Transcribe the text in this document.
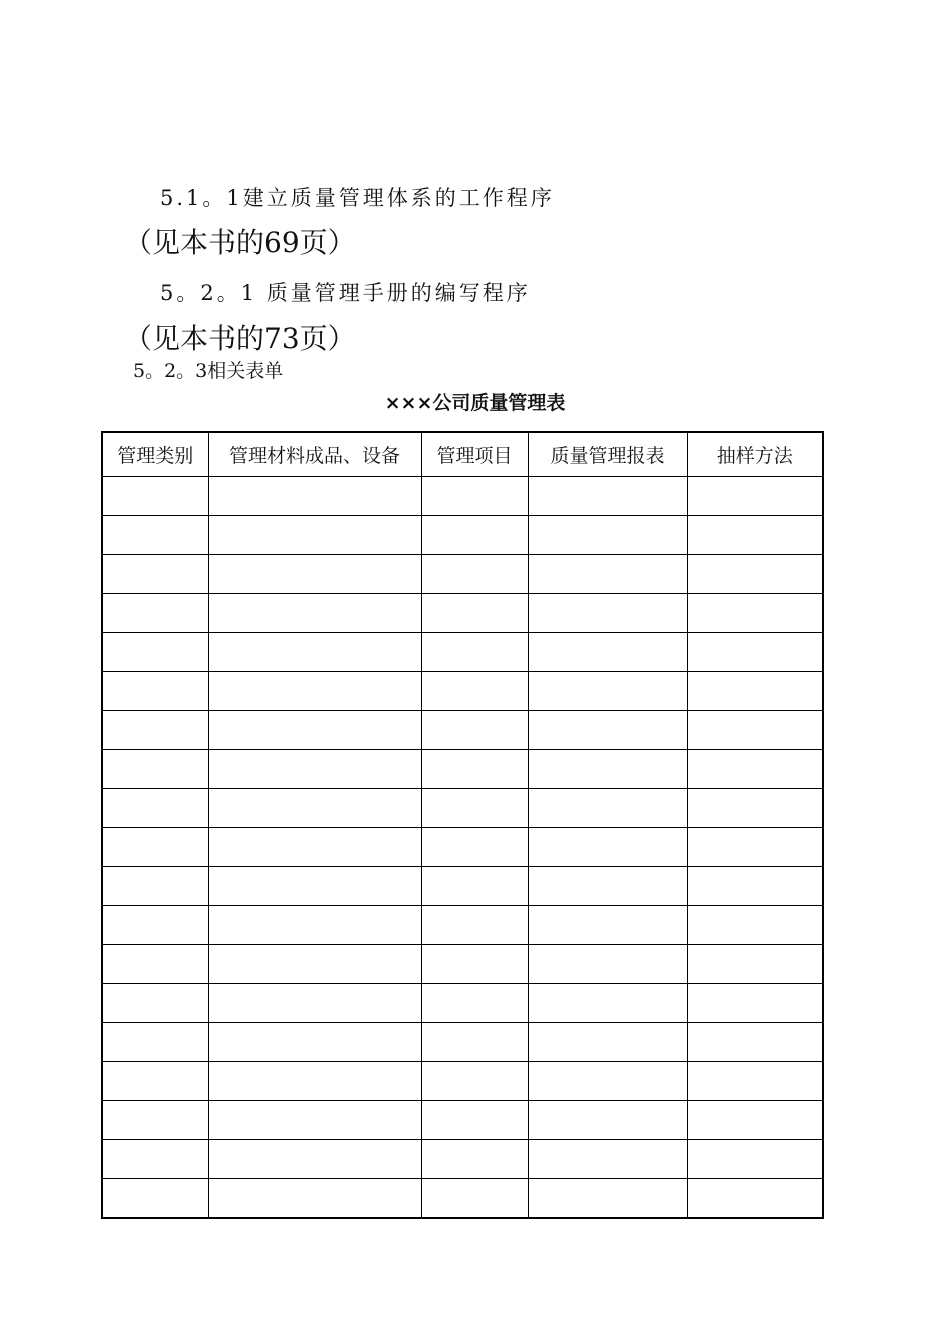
5.1。1建立质量管理体系的工作程序
（见本书的69页）
5。2。1 质量管理手册的编写程序
（见本书的73页）
5。2。3相关表单
×××公司质量管理表
管理类别	管理材料成品、设备	管理项目	质量管理报表	抽样方法
